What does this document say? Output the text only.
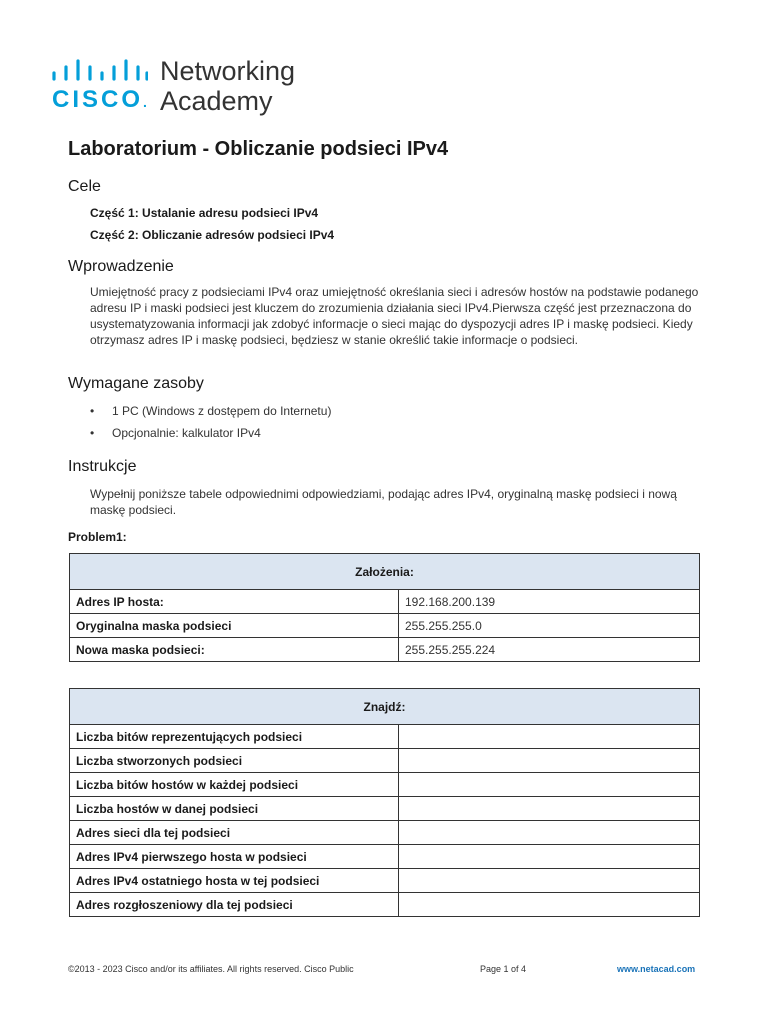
CISCO.
Networking
Academy
Laboratorium - Obliczanie podsieci IPv4
Cele
Część 1: Ustalanie adresu podsieci IPv4
Część 2: Obliczanie adresów podsieci IPv4
Wprowadzenie

Umiejętność pracy z podsieciami IPv4 oraz umiejętność określania sieci i adresów hostów na podstawie podanego adresu IP i maski podsieci jest kluczem do zrozumienia działania sieci IPv4.Pierwsza część jest przeznaczona do usystematyzowania informacji jak zdobyć informacje o sieci mając do dyspozycji adres IP i maskę podsieci. Kiedy otrzymasz adres IP i maskę podsieci, będziesz w stanie określić takie informacje o podsieci.

Wymagane zasoby
• 1 PC (Windows z dostępem do Internetu)
• Opcjonalnie: kalkulator IPv4
Instrukcje

Wypełnij poniższe tabele odpowiednimi odpowiedziami, podając adres IPv4, oryginalną maskę podsieci i nową maskę podsieci.

Problem1:
Założenia:	
Adres IP hosta:	192.168.200.139
Oryginalna maska podsieci	255.255.255.0
Nowa maska podsieci:	255.255.255.224
Znajdź:	
Liczba bitów reprezentujących podsieci	
Liczba stworzonych podsieci	
Liczba bitów hostów w każdej podsieci	
Liczba hostów w danej podsieci	
Adres sieci dla tej podsieci	
Adres IPv4 pierwszego hosta w podsieci	
Adres IPv4 ostatniego hosta w tej podsieci	
Adres rozgłoszeniowy dla tej podsieci	
©2013 - 2023 Cisco and/or its affiliates. All rights reserved. Cisco Public	Page 1 of 4	www.netacad.com
